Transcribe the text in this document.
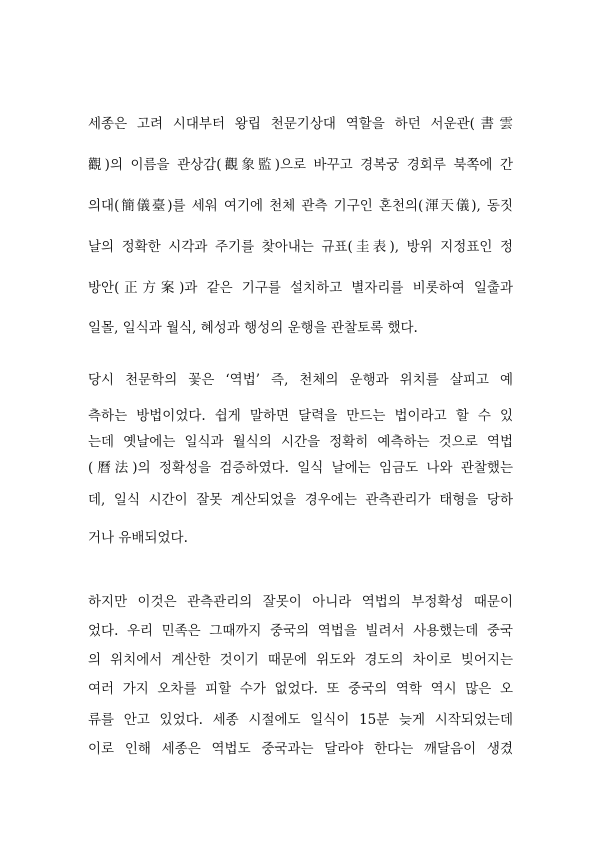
세종은 고려 시대부터 왕립 천문기상대 역할을 하던 서운관(書雲
觀)의 이름을 관상감(觀象監)으로 바꾸고 경복궁 경회루 북쪽에 간
의대(簡儀臺)를 세워 여기에 천체 관측 기구인 혼천의(渾天儀), 동짓
날의 정확한 시각과 주기를 찾아내는 규표(圭表), 방위 지정표인 정
방안(正方案)과 같은 기구를 설치하고 별자리를 비롯하여 일출과
일몰, 일식과 월식, 혜성과 행성의 운행을 관찰토록 했다.
당시 천문학의 꽃은 ‘역법’ 즉, 천체의 운행과 위치를 살피고 예
측하는 방법이었다. 쉽게 말하면 달력을 만드는 법이라고 할 수 있
는데 옛날에는 일식과 월식의 시간을 정확히 예측하는 것으로 역법
(曆法)의 정확성을 검증하였다. 일식 날에는 임금도 나와 관찰했는
데, 일식 시간이 잘못 계산되었을 경우에는 관측관리가 태형을 당하
거나 유배되었다.
하지만 이것은 관측관리의 잘못이 아니라 역법의 부정확성 때문이
었다. 우리 민족은 그때까지 중국의 역법을 빌려서 사용했는데 중국
의 위치에서 계산한 것이기 때문에 위도와 경도의 차이로 빚어지는
여러 가지 오차를 피할 수가 없었다. 또 중국의 역학 역시 많은 오
류를 안고 있었다. 세종 시절에도 일식이 15분 늦게 시작되었는데
이로 인해 세종은 역법도 중국과는 달라야 한다는 깨달음이 생겼
